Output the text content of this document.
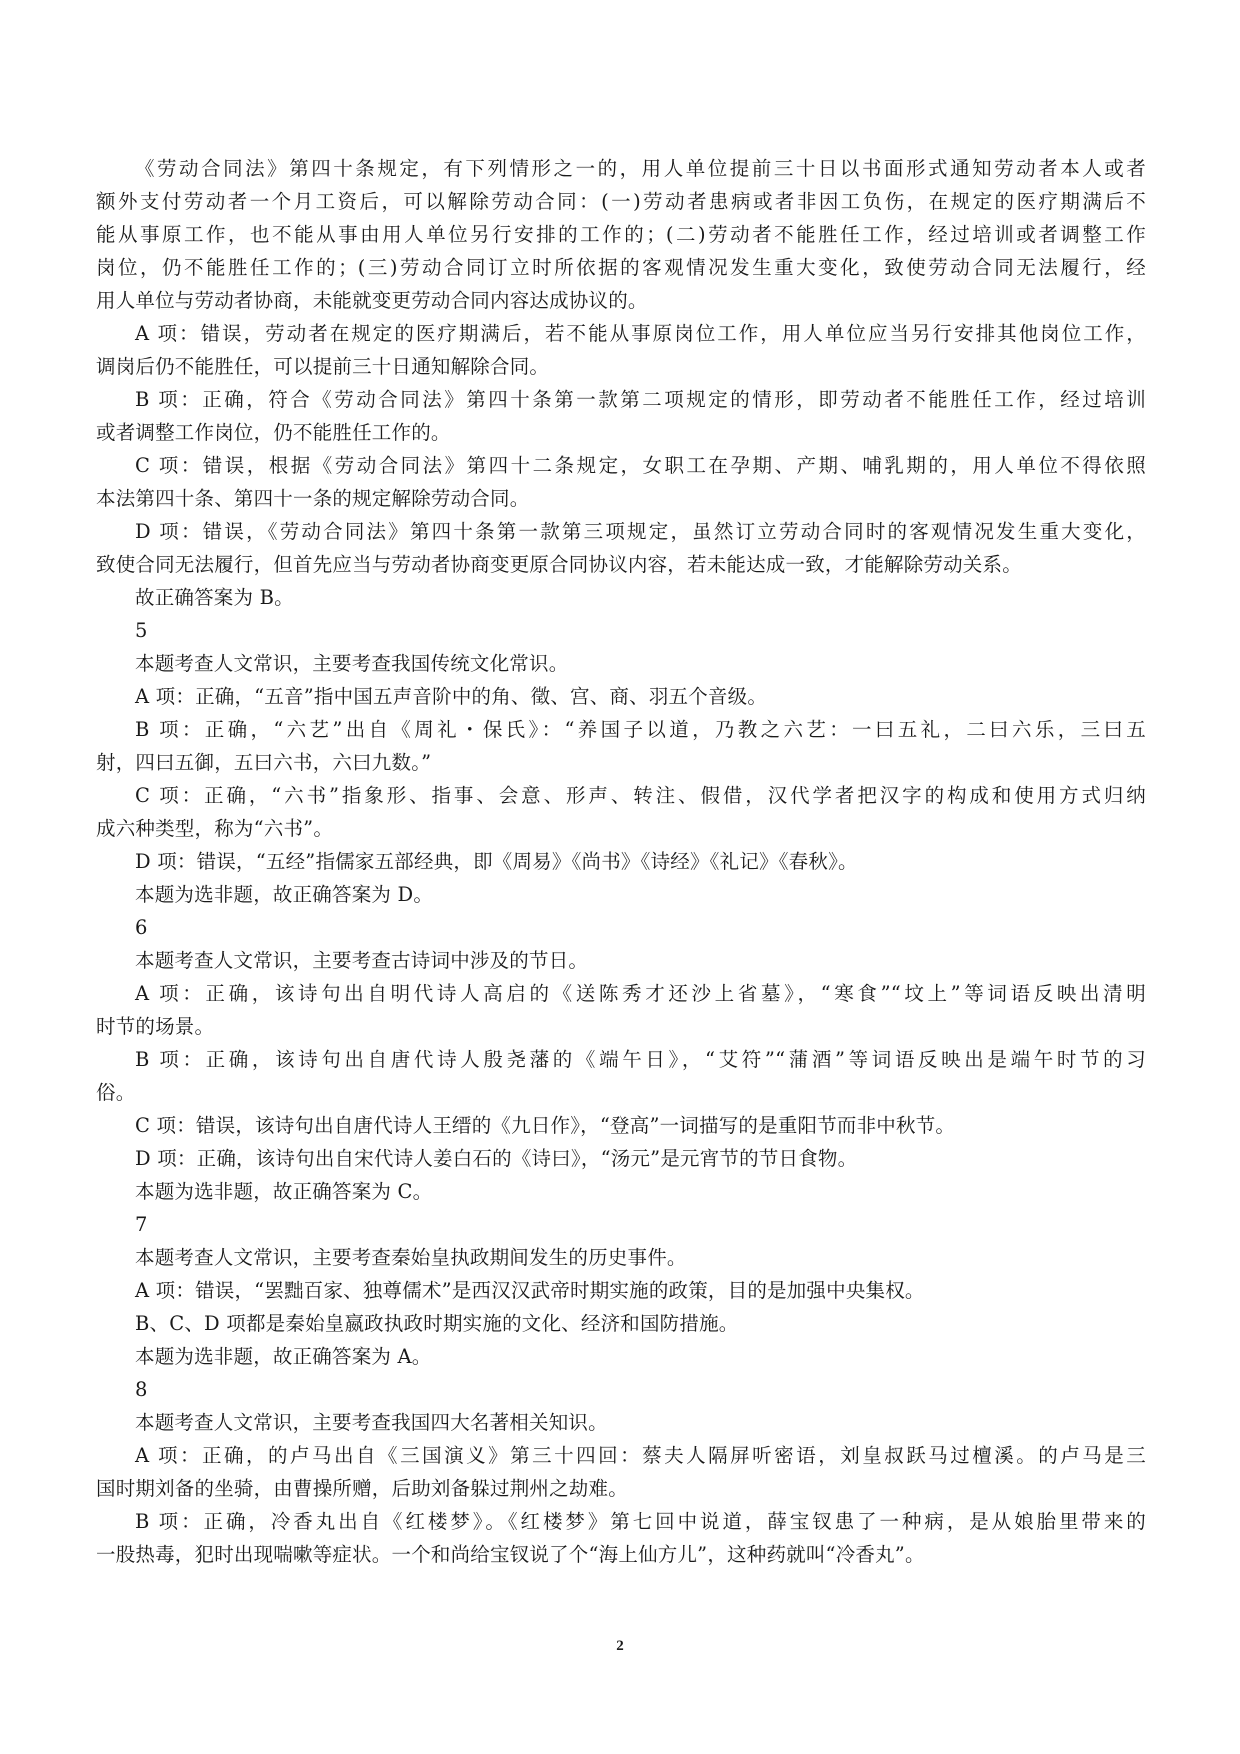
《劳动合同法》第四十条规定，有下列情形之一的，用人单位提前三十日以书面形式通知劳动者本人或者
额外支付劳动者一个月工资后，可以解除劳动合同：(一)劳动者患病或者非因工负伤，在规定的医疗期满后不
能从事原工作，也不能从事由用人单位另行安排的工作的；(二)劳动者不能胜任工作，经过培训或者调整工作
岗位，仍不能胜任工作的；(三)劳动合同订立时所依据的客观情况发生重大变化，致使劳动合同无法履行，经
用人单位与劳动者协商，未能就变更劳动合同内容达成协议的。
A 项：错误，劳动者在规定的医疗期满后，若不能从事原岗位工作，用人单位应当另行安排其他岗位工作，
调岗后仍不能胜任，可以提前三十日通知解除合同。
B 项：正确，符合《劳动合同法》第四十条第一款第二项规定的情形，即劳动者不能胜任工作，经过培训
或者调整工作岗位，仍不能胜任工作的。
C 项：错误，根据《劳动合同法》第四十二条规定，女职工在孕期、产期、哺乳期的，用人单位不得依照
本法第四十条、第四十一条的规定解除劳动合同。
D 项：错误，《劳动合同法》第四十条第一款第三项规定，虽然订立劳动合同时的客观情况发生重大变化，
致使合同无法履行，但首先应当与劳动者协商变更原合同协议内容，若未能达成一致，才能解除劳动关系。
故正确答案为 B。
5
本题考查人文常识，主要考查我国传统文化常识。
A 项：正确，“五音”指中国五声音阶中的角、徵、宫、商、羽五个音级。
B 项：正确，“六艺”出自《周礼・保氏》：“养国子以道，乃教之六艺：一曰五礼，二曰六乐，三曰五
射，四曰五御，五曰六书，六曰九数。”
C 项：正确，“六书”指象形、指事、会意、形声、转注、假借，汉代学者把汉字的构成和使用方式归纳
成六种类型，称为“六书”。
D 项：错误，“五经”指儒家五部经典，即《周易》《尚书》《诗经》《礼记》《春秋》。
本题为选非题，故正确答案为 D。
6
本题考查人文常识，主要考查古诗词中涉及的节日。
A 项：正确，该诗句出自明代诗人高启的《送陈秀才还沙上省墓》，“寒食”“坟上”等词语反映出清明
时节的场景。
B 项：正确，该诗句出自唐代诗人殷尧藩的《端午日》，“艾符”“蒲酒”等词语反映出是端午时节的习
俗。
C 项：错误，该诗句出自唐代诗人王缙的《九日作》，“登高”一词描写的是重阳节而非中秋节。
D 项：正确，该诗句出自宋代诗人姜白石的《诗曰》，“汤元”是元宵节的节日食物。
本题为选非题，故正确答案为 C。
7
本题考查人文常识，主要考查秦始皇执政期间发生的历史事件。
A 项：错误，“罢黜百家、独尊儒术”是西汉汉武帝时期实施的政策，目的是加强中央集权。
B、C、D 项都是秦始皇嬴政执政时期实施的文化、经济和国防措施。
本题为选非题，故正确答案为 A。
8
本题考查人文常识，主要考查我国四大名著相关知识。
A 项：正确，的卢马出自《三国演义》第三十四回：蔡夫人隔屏听密语，刘皇叔跃马过檀溪。的卢马是三
国时期刘备的坐骑，由曹操所赠，后助刘备躲过荆州之劫难。
B 项：正确，冷香丸出自《红楼梦》。《红楼梦》第七回中说道，薛宝钗患了一种病，是从娘胎里带来的
一股热毒，犯时出现喘嗽等症状。一个和尚给宝钗说了个“海上仙方儿”，这种药就叫“冷香丸”。
2
